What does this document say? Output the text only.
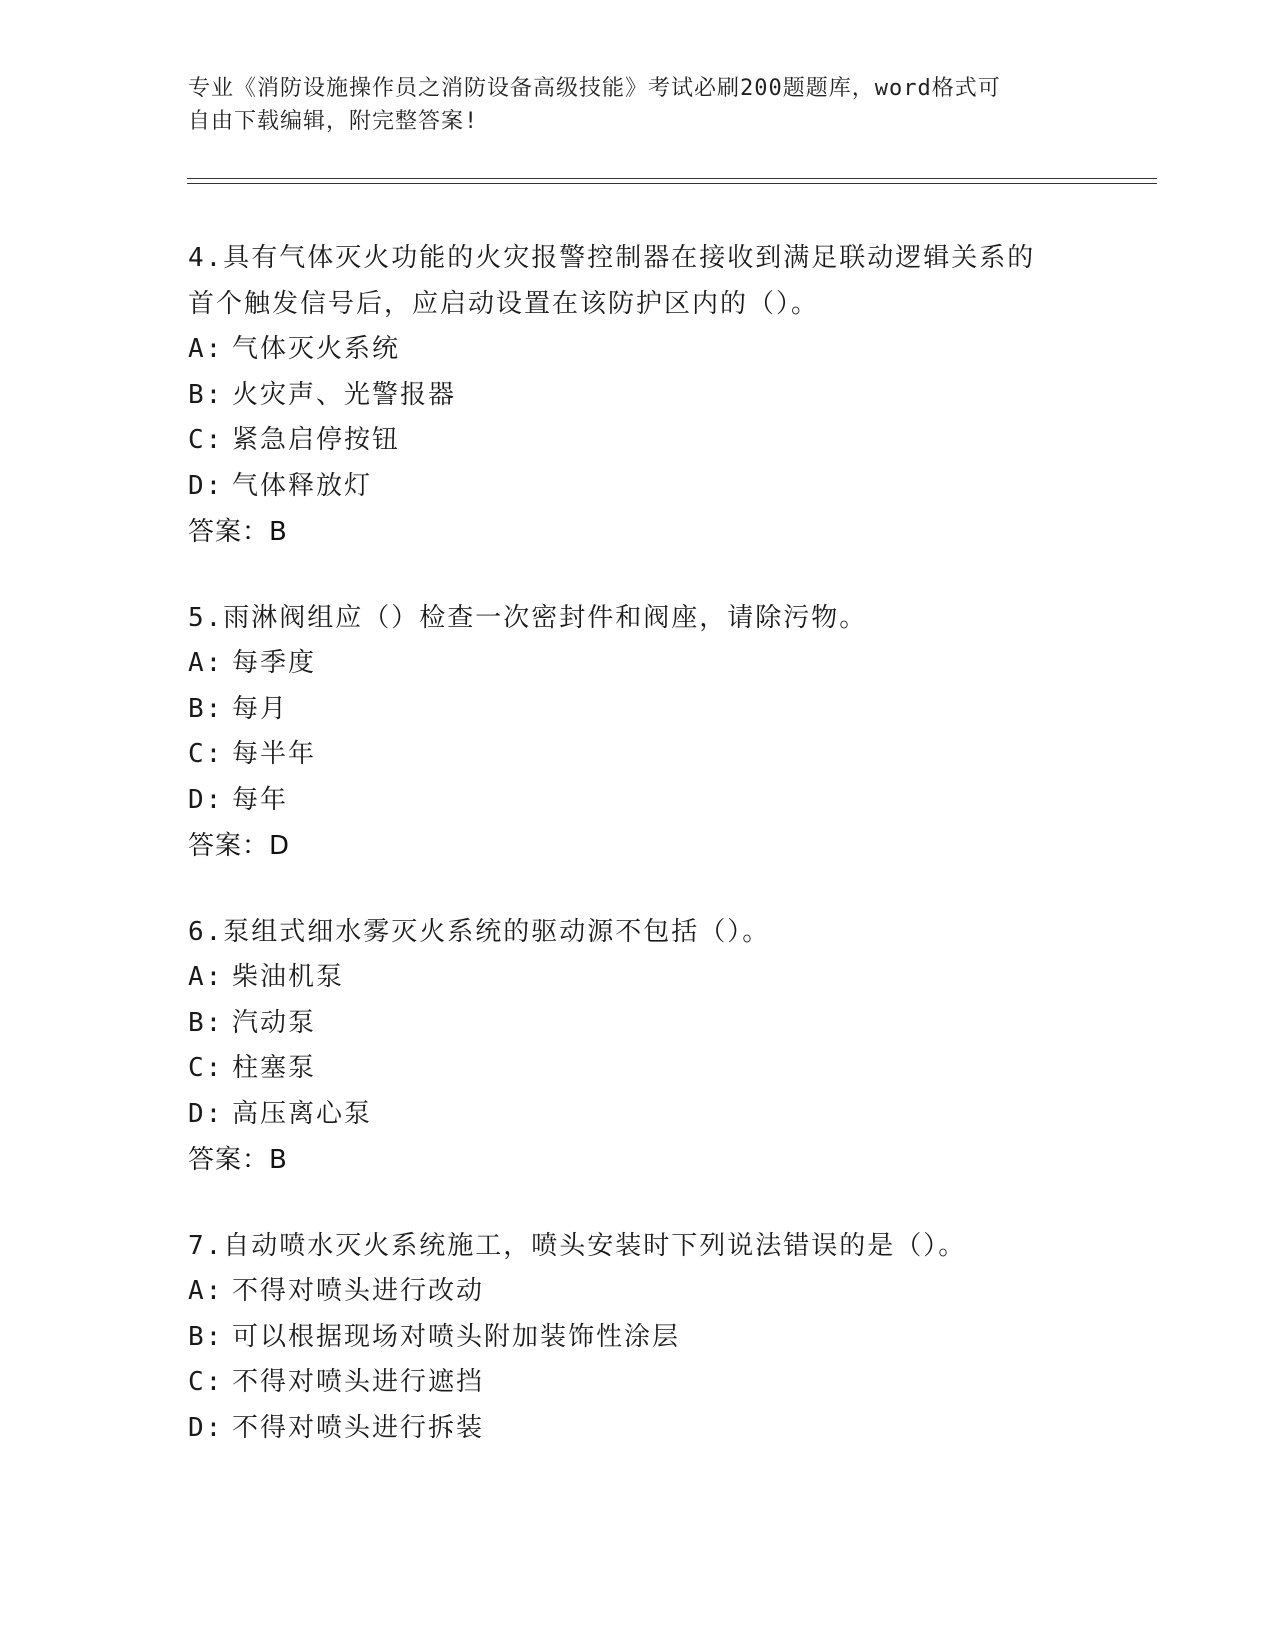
专业《消防设施操作员之消防设备高级技能》考试必刷200题题库，word格式可
自由下载编辑，附完整答案!

4.具有气体灭火功能的火灾报警控制器在接收到满足联动逻辑关系的
首个触发信号后，应启动设置在该防护区内的（）。

A: 气体灭火系统

B: 火灾声、光警报器

C: 紧急启停按钮

D: 气体释放灯

答案：B

5.雨淋阀组应（）检查一次密封件和阀座，请除污物。

A: 每季度

B: 每月

C: 每半年

D: 每年

答案：D

6.泵组式细水雾灭火系统的驱动源不包括（）。

A: 柴油机泵

B: 汽动泵

C: 柱塞泵

D: 高压离心泵

答案：B

7.自动喷水灭火系统施工，喷头安装时下列说法错误的是（）。

A: 不得对喷头进行改动

B: 可以根据现场对喷头附加装饰性涂层

C: 不得对喷头进行遮挡

D: 不得对喷头进行拆装
